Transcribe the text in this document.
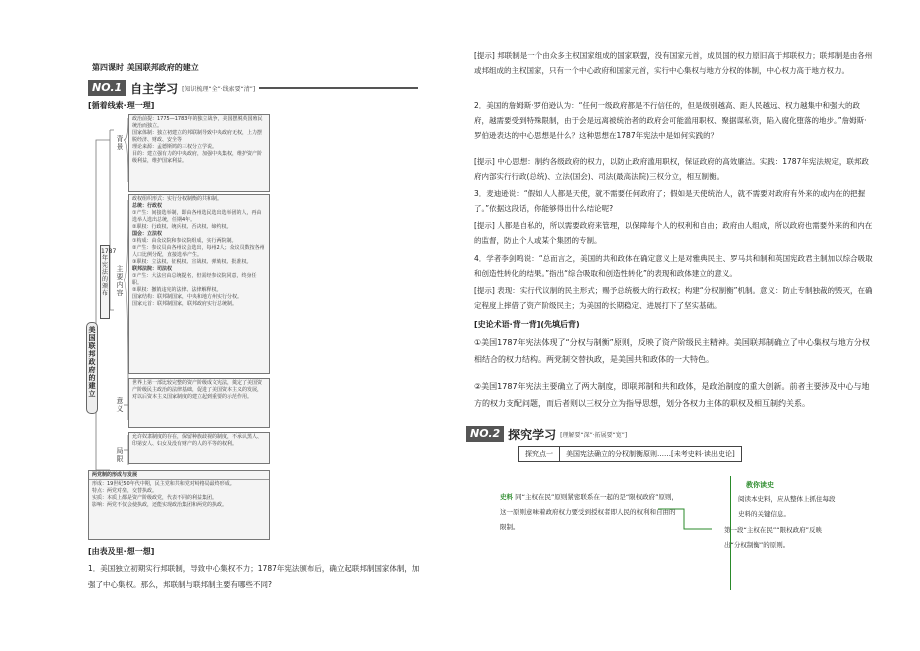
第四课时 美国联邦政府的建立
NO.1 自主学习 [知识梳理“全”·线索要“清”]
[循着线索·理一理]
美国联邦政府的建立
1787年宪法的颁布
背景
主要内容
意义
局限
政治前提：1775—1783年的独立战争，美国摆脱英国殖民统治而独立。
国家体制：独立初建立的邦联制导致中央政府无权，上力摆脱经济、财政、安全等
理论来源：孟德斯鸠的三权分立学说。
目的：建立强有力的中央政府，加强中央集权，维护资产阶级利益，维护国家利益。
政权组织形式：实行分权制衡的共和制。
总统：行政权
①产生：间接选举制，即由各州选民选出选举团的人，再由选举人选出总统，任期4年。
②职权：行政权、统兵权、否决权、缔约权。
国会：立法权
①构成：由众议院和参议院组成，实行两院制。
②产生：参议员由各州议会选出，每州2人；众议员数按各州人口比例分配，直接选举产生。
③职权：立法权、征税权、宣战权、弹劾权、批准权。
联邦法院：司法权
①产生：大法官由总统提名，但需经参议院同意，终身任职。
②职权：撤销违宪的法律、法律解释权。
国家结构：联邦制国家，中央和地方州实行分权。
国家元首：联邦制国家，联邦政府实行总统制。
世界上第一部比较完整的资产阶级成文宪法，奠定了美国资产阶级民主政治的法律基础，促进了美国资本主义的发展，对以后资本主义国家制度的建立起到重要的示范作用。
允许奴隶制度的存在，保留种族歧视的制度，不承认黑人、印第安人、妇女及没有财产的人的平等的权利。
两党制的形成与发展
形成：19世纪50年代中期，民主党和共和党对峙格局最终形成。
特点：两党对垒，交替执政。
实质：本质上都是资产阶级政党，代表不同的利益集团。
影响：两党不仅会使执政，还能实现政治集团和两党的执政。
[由表及里·想一想]
1．美国独立初期实行邦联制，导致中心集权不力；1787年宪法颁布后，确立起联邦制国家体制，加强了中心集权。那么，邦联制与联邦制主要有哪些不同?
[提示] 邦联制是一个由众多主权国家组成的国家联盟，没有国家元首，成员国的权力原旧高于邦联权力；联邦制是由各州或邦组成的主权国家，只有一个中心政府和国家元首，实行中心集权与地方分权的体制，中心权力高于地方权力。
2．美国的詹姆斯·罗伯逊认为：“任何一级政府都是不行信任的，但是级别越高、距人民越远、权力越集中和强大的政府，越需要受到特殊限制，由于会是远离被统治者的政府会可能滥用职权、聚据谋私资，陷入腐化堕落的地步。”詹姆斯·罗伯逊表达的中心思想是什么？这种思想在1787年宪法中是如何实践的？
[提示] 中心思想：制约各级政府的权力，以防止政府滥用职权，保证政府的高效廉洁。实践：1787年宪法规定，联邦政府内部实行行政(总统)、立法(国会)、司法(最高法院)三权分立，相互制衡。
3．麦迪逊说：“假如人人都是天使，就不需要任何政府了；假如是天使统治人，就不需要对政府有外来的或内在的把握了。”依据这段话，你能够得出什么结论呢?
[提示] 人都是自私的，所以需要政府来管理，以保障每个人的权利和自由；政府由人组成，所以政府也需要外来的和内在的监督，防止个人或某个集团的专制。
4．学者李剑鸣说：“总而言之，美国的共和政体在确定意义上是对雅典民主、罗马共和制和英国宪政君主制加以综合吸取和创造性转化的结果。”指出“综合吸取和创造性转化”的表现和政体建立的意义。
[提示] 表现：实行代议制的民主形式；赐予总统极大的行政权；构建“分权制衡”机制。意义：防止专制独裁的毁灭，在确定程度上摔借了资产阶级民主；为美国的长期稳定、进展打下了坚实基础。
[史论术语·背一背](先填后背)
①美国1787年宪法体现了“分权与制衡”原则，反映了资产阶级民主精神。美国联邦制确立了中心集权与地方分权相结合的权力结构。两党制交替执政，是美国共和政体的一大特色。
②美国1787年宪法主要确立了两大制度，即联邦制和共和政体，是政治制度的重大创新。前者主要涉及中心与地方的权力支配问题，而后者则以三权分立为指导思想，划分各权力主体的职权及相互制约关系。
NO.2 探究学习 [理解要“深”·拓展要“宽”]
探究点一	美国宪法确立的分权制衡原则……[未考史料·读出史论]
史料 同“主权在民”原则紧密联系在一起的是“限权政府”原则，这一原则意味着政府权力要受到授权者即人民的权利和自由的限制。
教你读史
阅读本史料，应从整体上抓住每段史料的关键信息。
第一段“主权在民”“限权政府”反映出“分权制衡”的原则。
